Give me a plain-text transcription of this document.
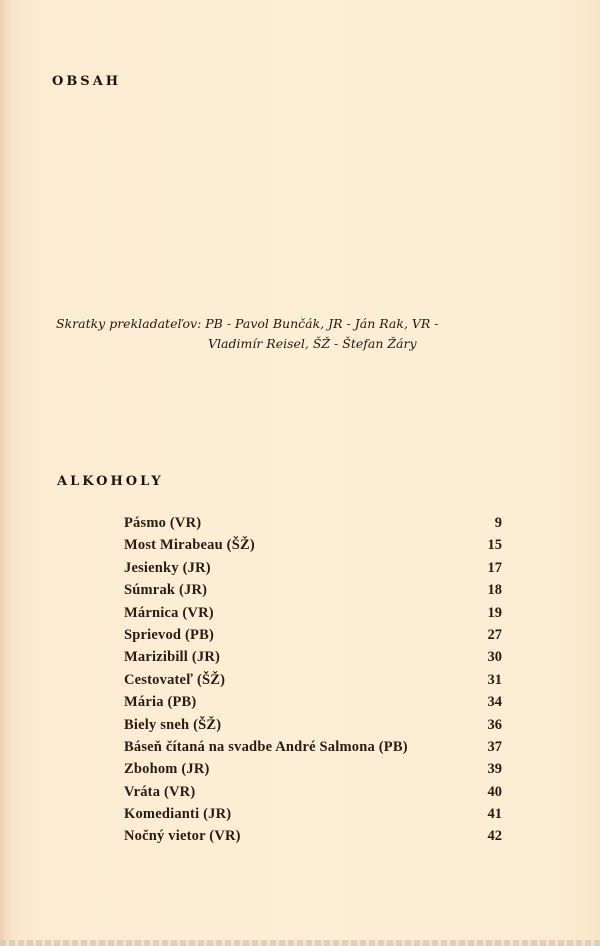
OBSAH
Skratky prekladateľov: PB - Pavol Bunčák, JR - Ján Rak, VR -
Vladimír Reisel, ŠŽ - Štefan Žáry
ALKOHOLY
Pásmo (VR)	9
Most Mirabeau (ŠŽ)	15
Jesienky (JR)	17
Súmrak (JR)	18
Márnica (VR)	19
Sprievod (PB)	27
Marizibill (JR)	30
Cestovateľ (ŠŽ)	31
Mária (PB)	34
Biely sneh (ŠŽ)	36
Báseň čítaná na svadbe André Salmona (PB)	37
Zbohom (JR)	39
Vráta (VR)	40
Komedianti (JR)	41
Nočný vietor (VR)	42
